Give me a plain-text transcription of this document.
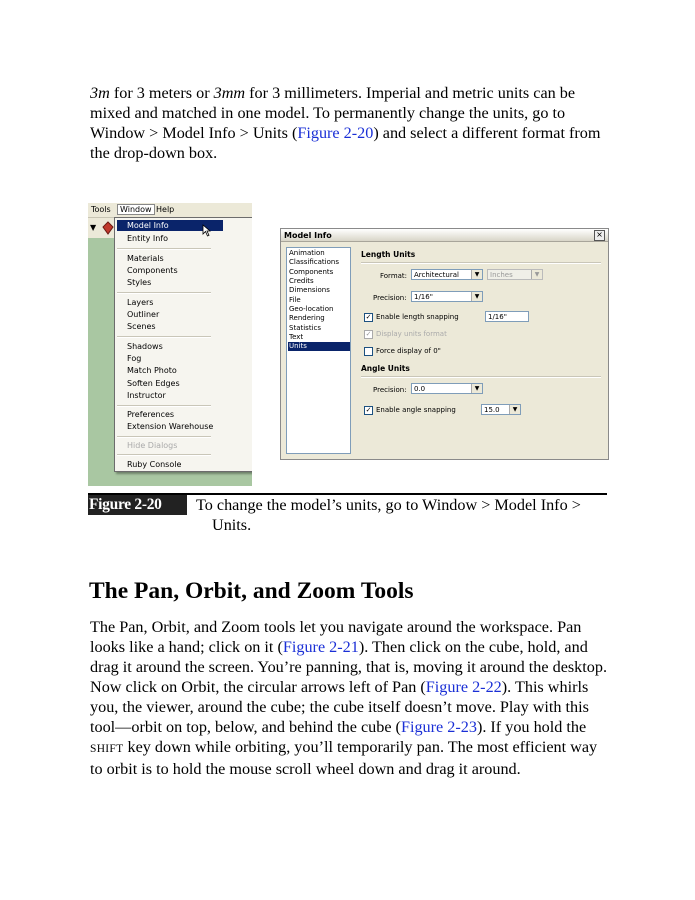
3m for 3 meters or 3mm for 3 millimeters. Imperial and metric units can be mixed and matched in one model. To permanently change the units, go to Window > Model Info > Units (Figure 2-20) and select a different format from the drop-down box.
Tools	Window Help
▼	Model Info
Entity Info
Materials
Components
Styles
Layers
Outliner
Scenes
Shadows
Fog
Match Photo
Soften Edges
Instructor
Preferences
Extension Warehouse
Hide Dialogs
Ruby Console
Model Info	×
Animation
Classifications
Components
Credits
Dimensions
File
Geo-location
Rendering
Statistics
Text
Units
Length Units
Format: Architectural	▼	Inches	▼
Precision:	1/16"	▼
✓ Enable length snapping	1/16"
✓ Display units format
Force display of 0"
Angle Units
Precision:	0.0	▼
✓ Enable angle snapping	15.0	▼
Figure 2-20	To change the model’s units, go to Window > Model Info >
Units.
The Pan, Orbit, and Zoom Tools
The Pan, Orbit, and Zoom tools let you navigate around the workspace. Pan looks like a hand; click on it (Figure 2-21). Then click on the cube, hold, and drag it around the screen. You’re panning, that is, moving it around the desktop. Now click on Orbit, the circular arrows left of Pan (Figure 2-22). This whirls you, the viewer, around the cube; the cube itself doesn’t move. Play with this tool—orbit on top, below, and behind the cube (Figure 2-23). If you hold the SHIFT key down while orbiting, you’ll temporarily pan. The most efficient way to orbit is to hold the mouse scroll wheel down and drag it around.
